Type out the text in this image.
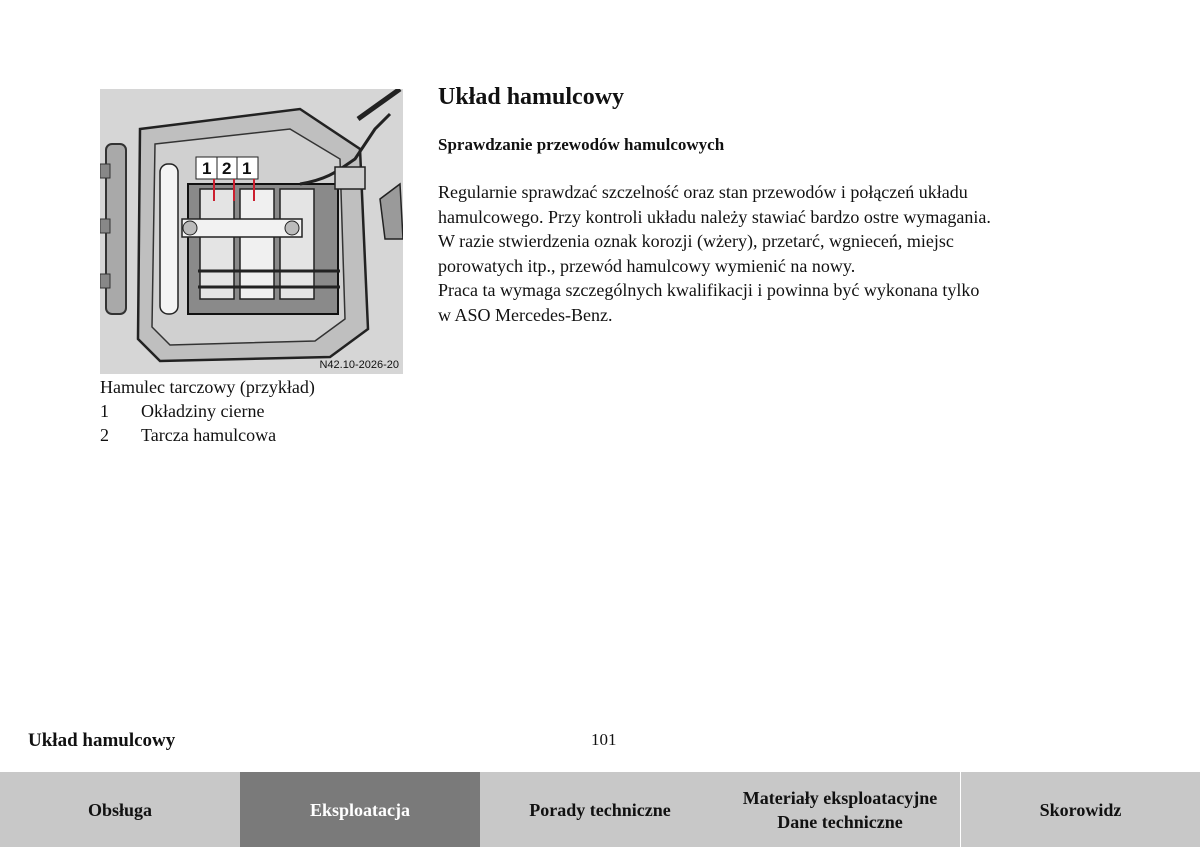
1 2 1
N42.10-2026-20
Hamulec tarczowy (przykład)
1	Okładziny cierne
2	Tarcza hamulcowa
Układ hamulcowy
Sprawdzanie przewodów hamulcowych
Regularnie sprawdzać szczelność oraz stan przewodów i połączeń układu
hamulcowego. Przy kontroli układu należy stawiać bardzo ostre wymagania.
W razie stwierdzenia oznak korozji (wżery), przetarć, wgnieceń, miejsc
porowatych itp., przewód hamulcowy wymienić na nowy.
Praca ta wymaga szczególnych kwalifikacji i powinna być wykonana tylko
w ASO Mercedes-Benz.
Układ hamulcowy	101
Obsługa	Eksploatacja	Porady techniczne
Materiały eksploatacyjne
Dane techniczne
Skorowidz
